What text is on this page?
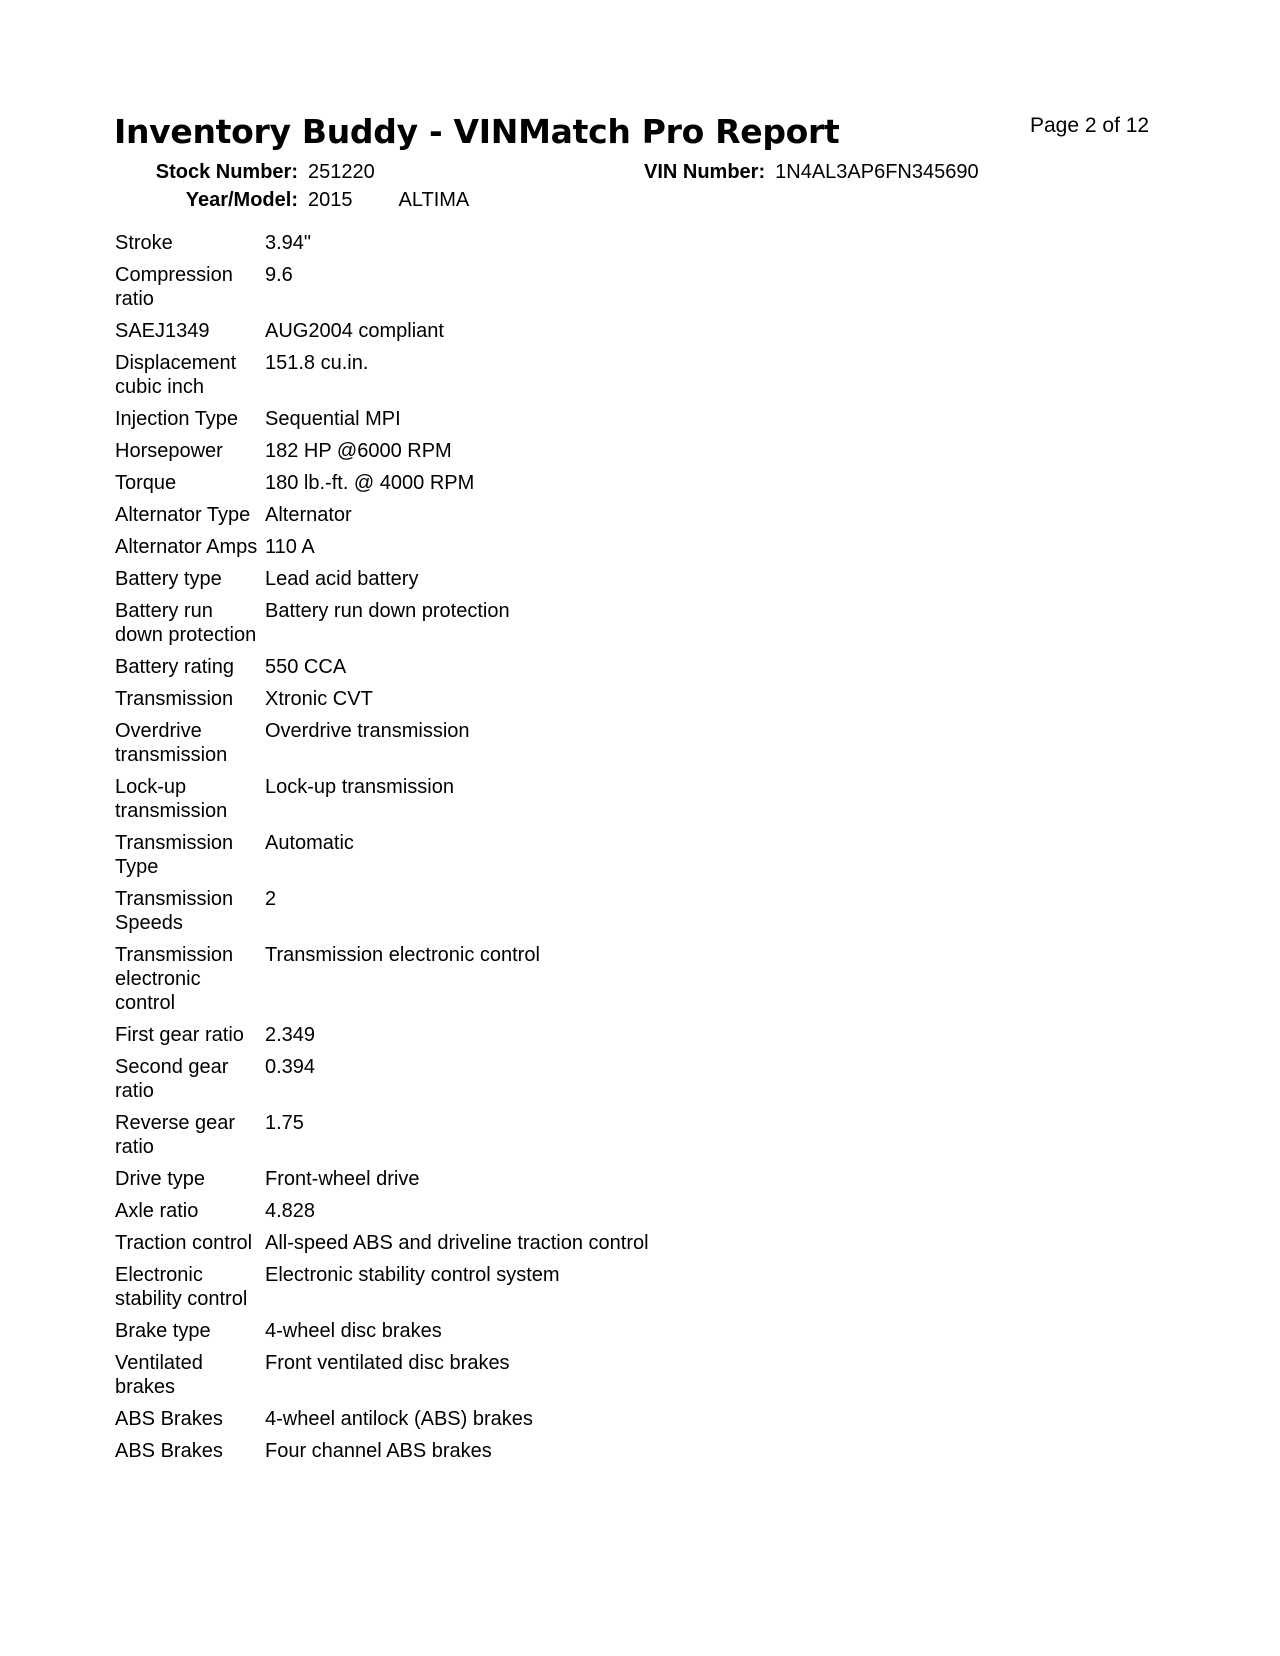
Page 2 of 12
Inventory Buddy - VINMatch Pro Report
Stock Number: 251220
Year/Model: 2015 ALTIMA
VIN Number: 1N4AL3AP6FN345690
Stroke	3.94"
Compression ratio	9.6
SAEJ1349	AUG2004 compliant
Displacement cubic inch	151.8 cu.in.
Injection Type	Sequential MPI
Horsepower	182 HP @6000 RPM
Torque	180 lb.-ft. @ 4000 RPM
Alternator Type	Alternator
Alternator Amps	110 A
Battery type	Lead acid battery
Battery run down protection	Battery run down protection
Battery rating	550 CCA
Transmission	Xtronic CVT
Overdrive transmission	Overdrive transmission
Lock-up transmission	Lock-up transmission
Transmission Type	Automatic
Transmission Speeds	2
Transmission electronic control	Transmission electronic control
First gear ratio	2.349
Second gear ratio	0.394
Reverse gear ratio	1.75
Drive type	Front-wheel drive
Axle ratio	4.828
Traction control	All-speed ABS and driveline traction control
Electronic stability control	Electronic stability control system
Brake type	4-wheel disc brakes
Ventilated brakes	Front ventilated disc brakes
ABS Brakes	4-wheel antilock (ABS) brakes
ABS Brakes	Four channel ABS brakes
